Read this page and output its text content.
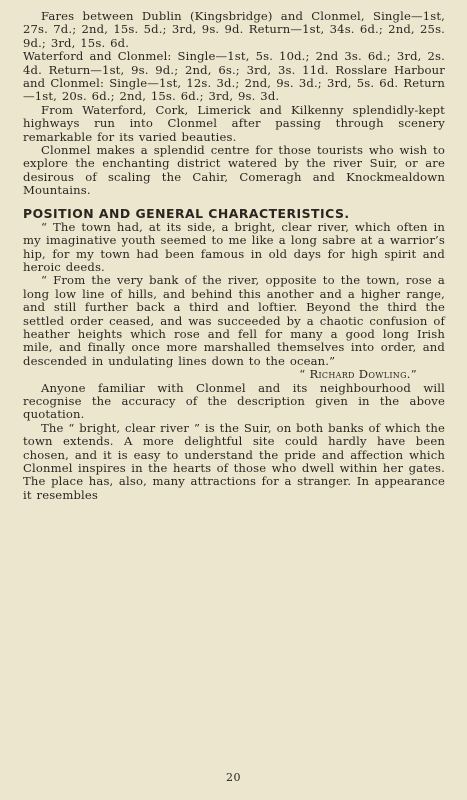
Fares between Dublin (Kingsbridge) and Clonmel, Single—1st, 27s. 7d.; 2nd, 15s. 5d.; 3rd, 9s. 9d. Return—1st, 34s. 6d.; 2nd, 25s. 9d.; 3rd, 15s. 6d.

Waterford and Clonmel: Single—1st, 5s. 10d.; 2nd 3s. 6d.; 3rd, 2s. 4d. Return—1st, 9s. 9d.; 2nd, 6s.; 3rd, 3s. 11d. Rosslare Harbour and Clonmel: Single—1st, 12s. 3d.; 2nd, 9s. 3d.; 3rd, 5s. 6d. Return—1st, 20s. 6d.; 2nd, 15s. 6d.; 3rd, 9s. 3d.

From Waterford, Cork, Limerick and Kilkenny splendidly-kept highways run into Clonmel after passing through scenery remarkable for its varied beauties.

Clonmel makes a splendid centre for those tourists who wish to explore the enchanting district watered by the river Suir, or are desirous of scaling the Cahir, Comeragh and Knockmealdown Mountains.

POSITION AND GENERAL CHARACTERISTICS.

“ The town had, at its side, a bright, clear river, which often in my imaginative youth seemed to me like a long sabre at a warrior’s hip, for my town had been famous in old days for high spirit and heroic deeds.

“ From the very bank of the river, opposite to the town, rose a long low line of hills, and behind this another and a higher range, and still further back a third and loftier. Beyond the third the settled order ceased, and was succeeded by a chaotic confusion of heather heights which rose and fell for many a good long Irish mile, and finally once more marshalled themselves into order, and descended in undulating lines down to the ocean.”

“ Richard Dowling.”

Anyone familiar with Clonmel and its neighbourhood will recognise the accuracy of the description given in the above quotation.

The “ bright, clear river ” is the Suir, on both banks of which the town extends. A more delightful site could hardly have been chosen, and it is easy to understand the pride and affection which Clonmel inspires in the hearts of those who dwell within her gates. The place has, also, many attractions for a stranger. In appearance it resembles

20
